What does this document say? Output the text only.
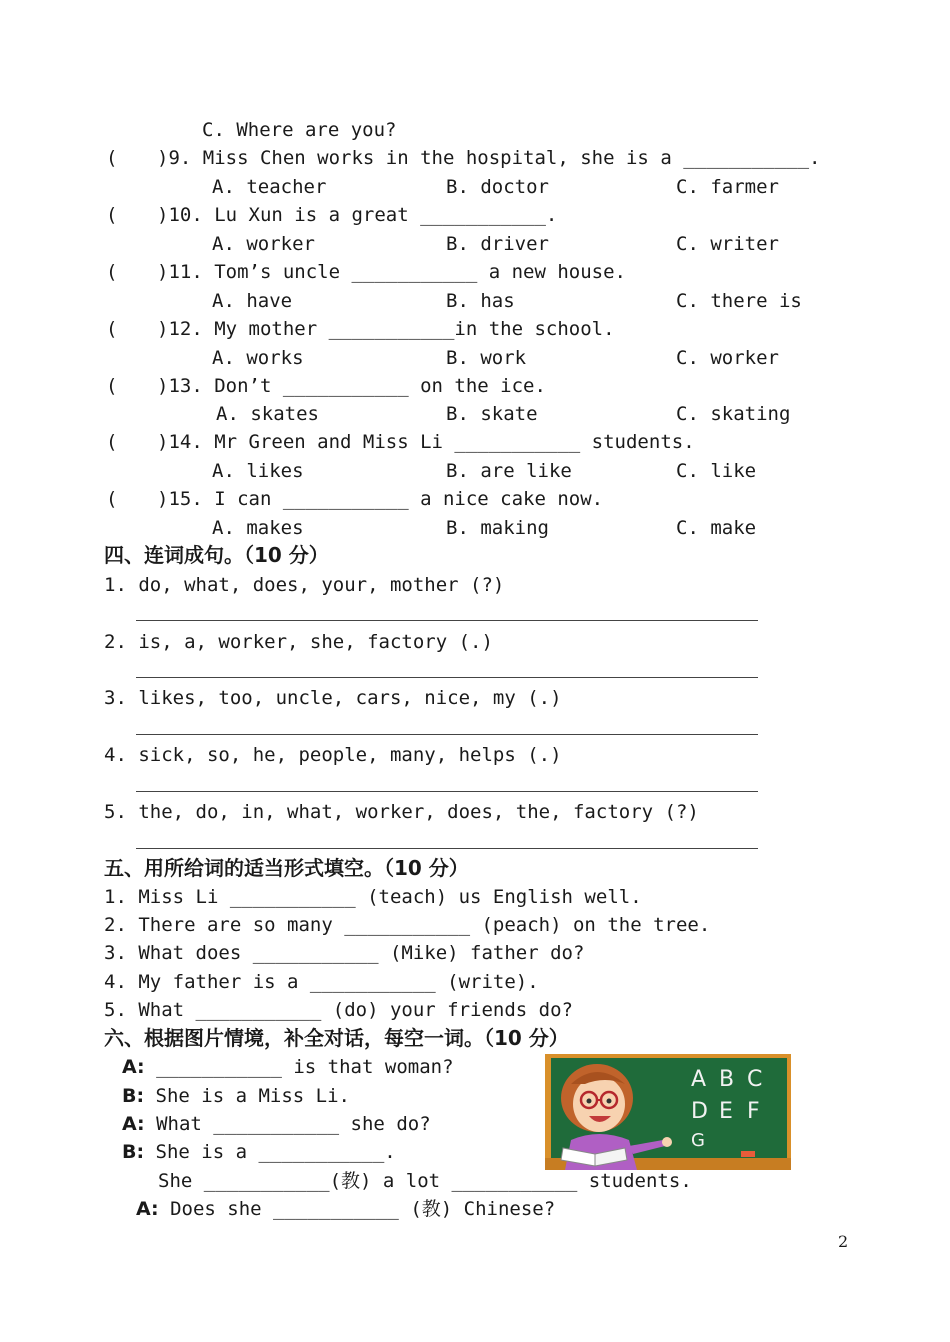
C. Where are you?
( )9. Miss Chen works in the hospital, she is a ___________.
A. teacher	B. doctor	C. farmer
( )10. Lu Xun is a great ___________.
A. worker	B. driver	C. writer
( )11. Tom’s uncle ___________ a new house.
A. have	B. has	C. there is
( )12. My mother ___________in the school.
A. works	B. work	C. worker
( )13. Don’t ___________ on the ice.
A. skates	B. skate	C. skating
( )14. Mr Green and Miss Li ___________ students.
A. likes	B. are like	C. like
( )15. I can ___________ a nice cake now.
A. makes	B. making	C. make
四、连词成句。（10 分）
1. do, what, does, your, mother (?)
2. is, a, worker, she, factory (.)
3. likes, too, uncle, cars, nice, my (.)
4. sick, so, he, people, many, helps (.)
5. the, do, in, what, worker, does, the, factory (?)
五、用所给词的适当形式填空。（10 分）
1. Miss Li ___________ (teach) us English well.
2. There are so many ___________ (peach) on the tree.
3. What does ___________ (Mike) father do?
4. My father is a ___________ (write).
5. What ___________ (do) your friends do?
六、根据图片情境，补全对话，每空一词。（10 分）
A: ___________ is that woman?
B: She is a Miss Li.
A: What ___________ she do?
B: She is a ___________.
She ___________(教) a lot ___________ students.
A: Does she ___________ (教) Chinese?
A B C
D E F
G
2
